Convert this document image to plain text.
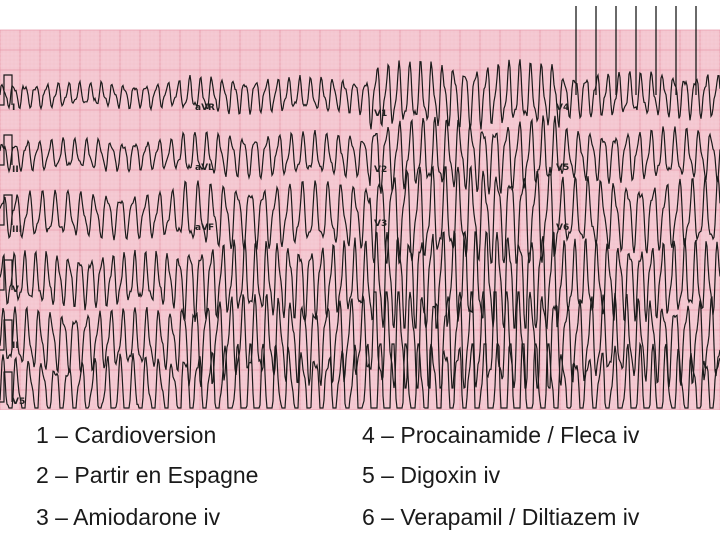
I
II
III
V
II
V5
aVR
aVL
aVF
V1
V2
V3
V4
V5
V6
1 – Cardioversion
2 – Partir en Espagne
3 – Amiodarone iv
4 – Procainamide / Fleca iv
5 – Digoxin iv
6 – Verapamil / Diltiazem iv
